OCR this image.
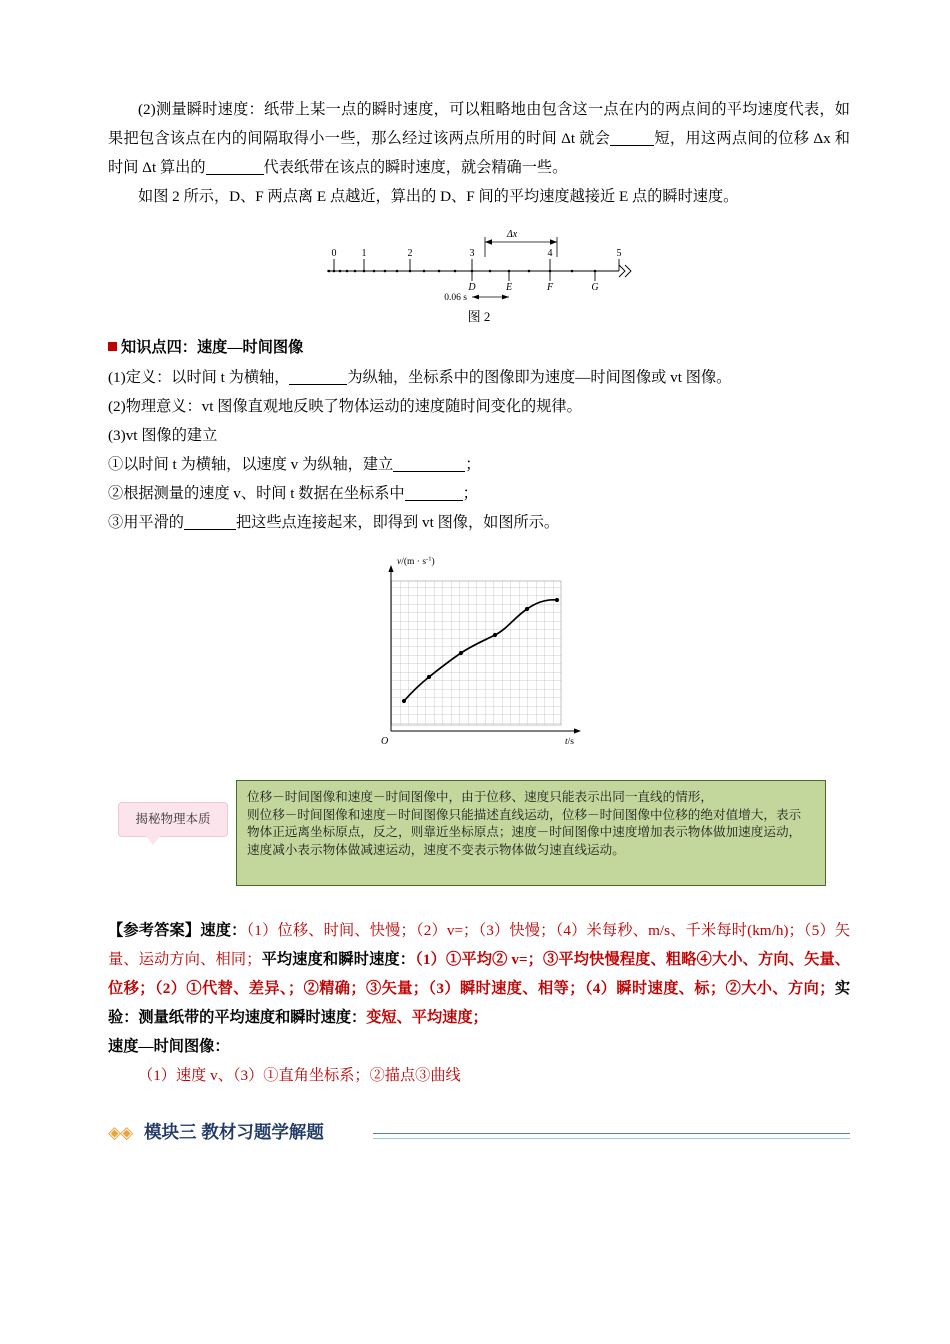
(2)测量瞬时速度：纸带上某一点的瞬时速度，可以粗略地由包含这一点在内的两点间的平均速度代表，如果把包含该点在内的间隔取得小一些，那么经过该两点所用的时间 Δt 就会	短，用这两点间的位移 Δx 和时间 Δt 算出的	代表纸带在该点的瞬时速度，就会精确一些。

如图 2 所示，D、F 两点离 E 点越近，算出的 D、F 间的平均速度越接近 E 点的瞬时速度。

Δx
0	1	2	3	4	5
D	E	F	G
0.06 s
图 2
知识点四：速度—时间图像

(1)定义：以时间 t 为横轴，	为纵轴，坐标系中的图像即为速度—时间图像或 vt 图像。

(2)物理意义：vt 图像直观地反映了物体运动的速度随时间变化的规律。

(3)vt 图像的建立

①以时间 t 为横轴，以速度 v 为纵轴，建立	；

②根据测量的速度 v、时间 t 数据在坐标系中	；

③用平滑的	把这些点连接起来，即得到 vt 图像，如图所示。

$v/(m \cdot s^{-1})$
t/s
O
揭秘物理本质
位移－时间图像和速度－时间图像中，由于位移、速度只能表示出同一直线的情形，
则位移－时间图像和速度－时间图像只能描述直线运动，位移－时间图像中位移的绝对值增大，表示
物体正远离坐标原点，反之，则靠近坐标原点；速度－时间图像中速度增加表示物体做加速度运动，
速度减小表示物体做减速运动，速度不变表示物体做匀速直线运动。

【参考答案】速度：（1）位移、时间、快慢；（2）v=；（3）快慢；（4）米每秒、m/s、千米每时(km/h)；（5）矢量、运动方向、相同；平均速度和瞬时速度：（1）①平均② v=；③平均快慢程度、粗略④大小、方向、矢量、位移；（2）①代替、差异、；②精确；③矢量；（3）瞬时速度、相等；（4）瞬时速度、标；②大小、方向；实验：测量纸带的平均速度和瞬时速度：变短、平均速度；

速度—时间图像：

（1）速度 v、（3）①直角坐标系；②描点③曲线

◈◈ 模块三 教材习题学解题
